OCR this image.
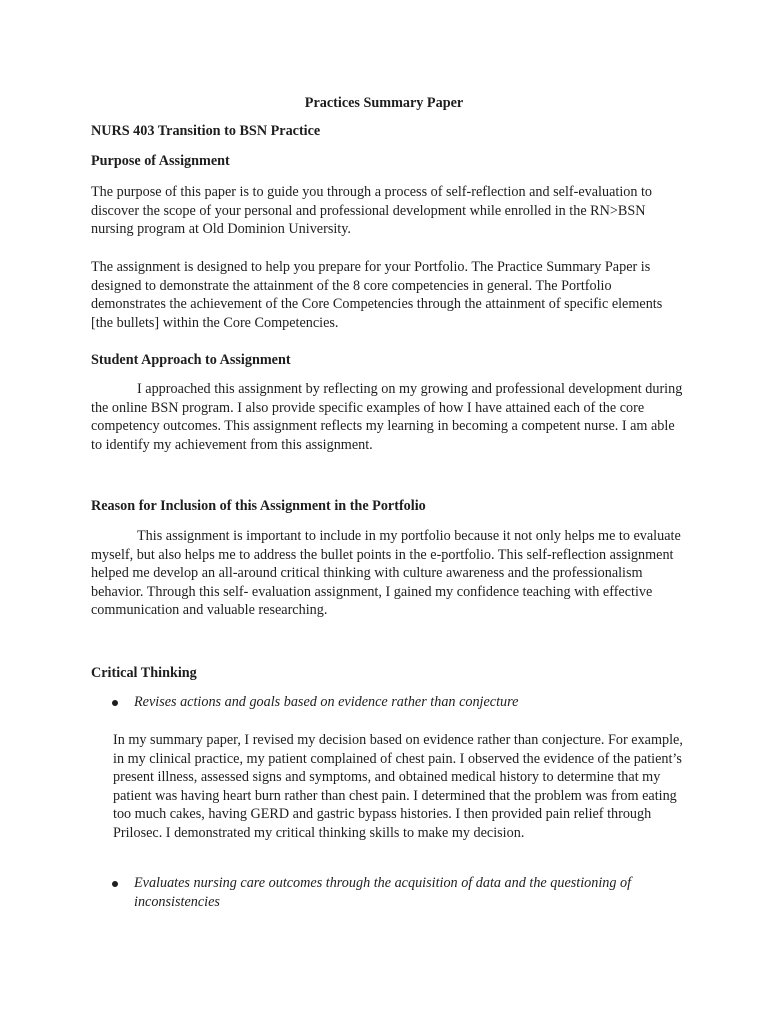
Practices Summary Paper

NURS 403 Transition to BSN Practice

Purpose of Assignment

The purpose of this paper is to guide you through a process of self-reflection and self-evaluation to discover the scope of your personal and professional development while enrolled in the RN>BSN nursing program at Old Dominion University.

The assignment is designed to help you prepare for your Portfolio. The Practice Summary Paper is designed to demonstrate the attainment of the 8 core competencies in general. The Portfolio demonstrates the achievement of the Core Competencies through the attainment of specific elements [the bullets] within the Core Competencies.

Student Approach to Assignment

I approached this assignment by reflecting on my growing and professional development during the online BSN program. I also provide specific examples of how I have attained each of the core competency outcomes. This assignment reflects my learning in becoming a competent nurse. I am able to identify my achievement from this assignment.

Reason for Inclusion of this Assignment in the Portfolio

This assignment is important to include in my portfolio because it not only helps me to evaluate myself, but also helps me to address the bullet points in the e-portfolio. This self-reflection assignment helped me develop an all-around critical thinking with culture awareness and the professionalism behavior. Through this self- evaluation assignment, I gained my confidence teaching with effective communication and valuable researching.

Critical Thinking

Revises actions and goals based on evidence rather than conjecture

In my summary paper, I revised my decision based on evidence rather than conjecture. For example, in my clinical practice, my patient complained of chest pain. I observed the evidence of the patient’s present illness, assessed signs and symptoms, and obtained medical history to determine that my patient was having heart burn rather than chest pain. I determined that the problem was from eating too much cakes, having GERD and gastric bypass histories. I then provided pain relief through Prilosec. I demonstrated my critical thinking skills to make my decision.

Evaluates nursing care outcomes through the acquisition of data and the questioning of inconsistencies
